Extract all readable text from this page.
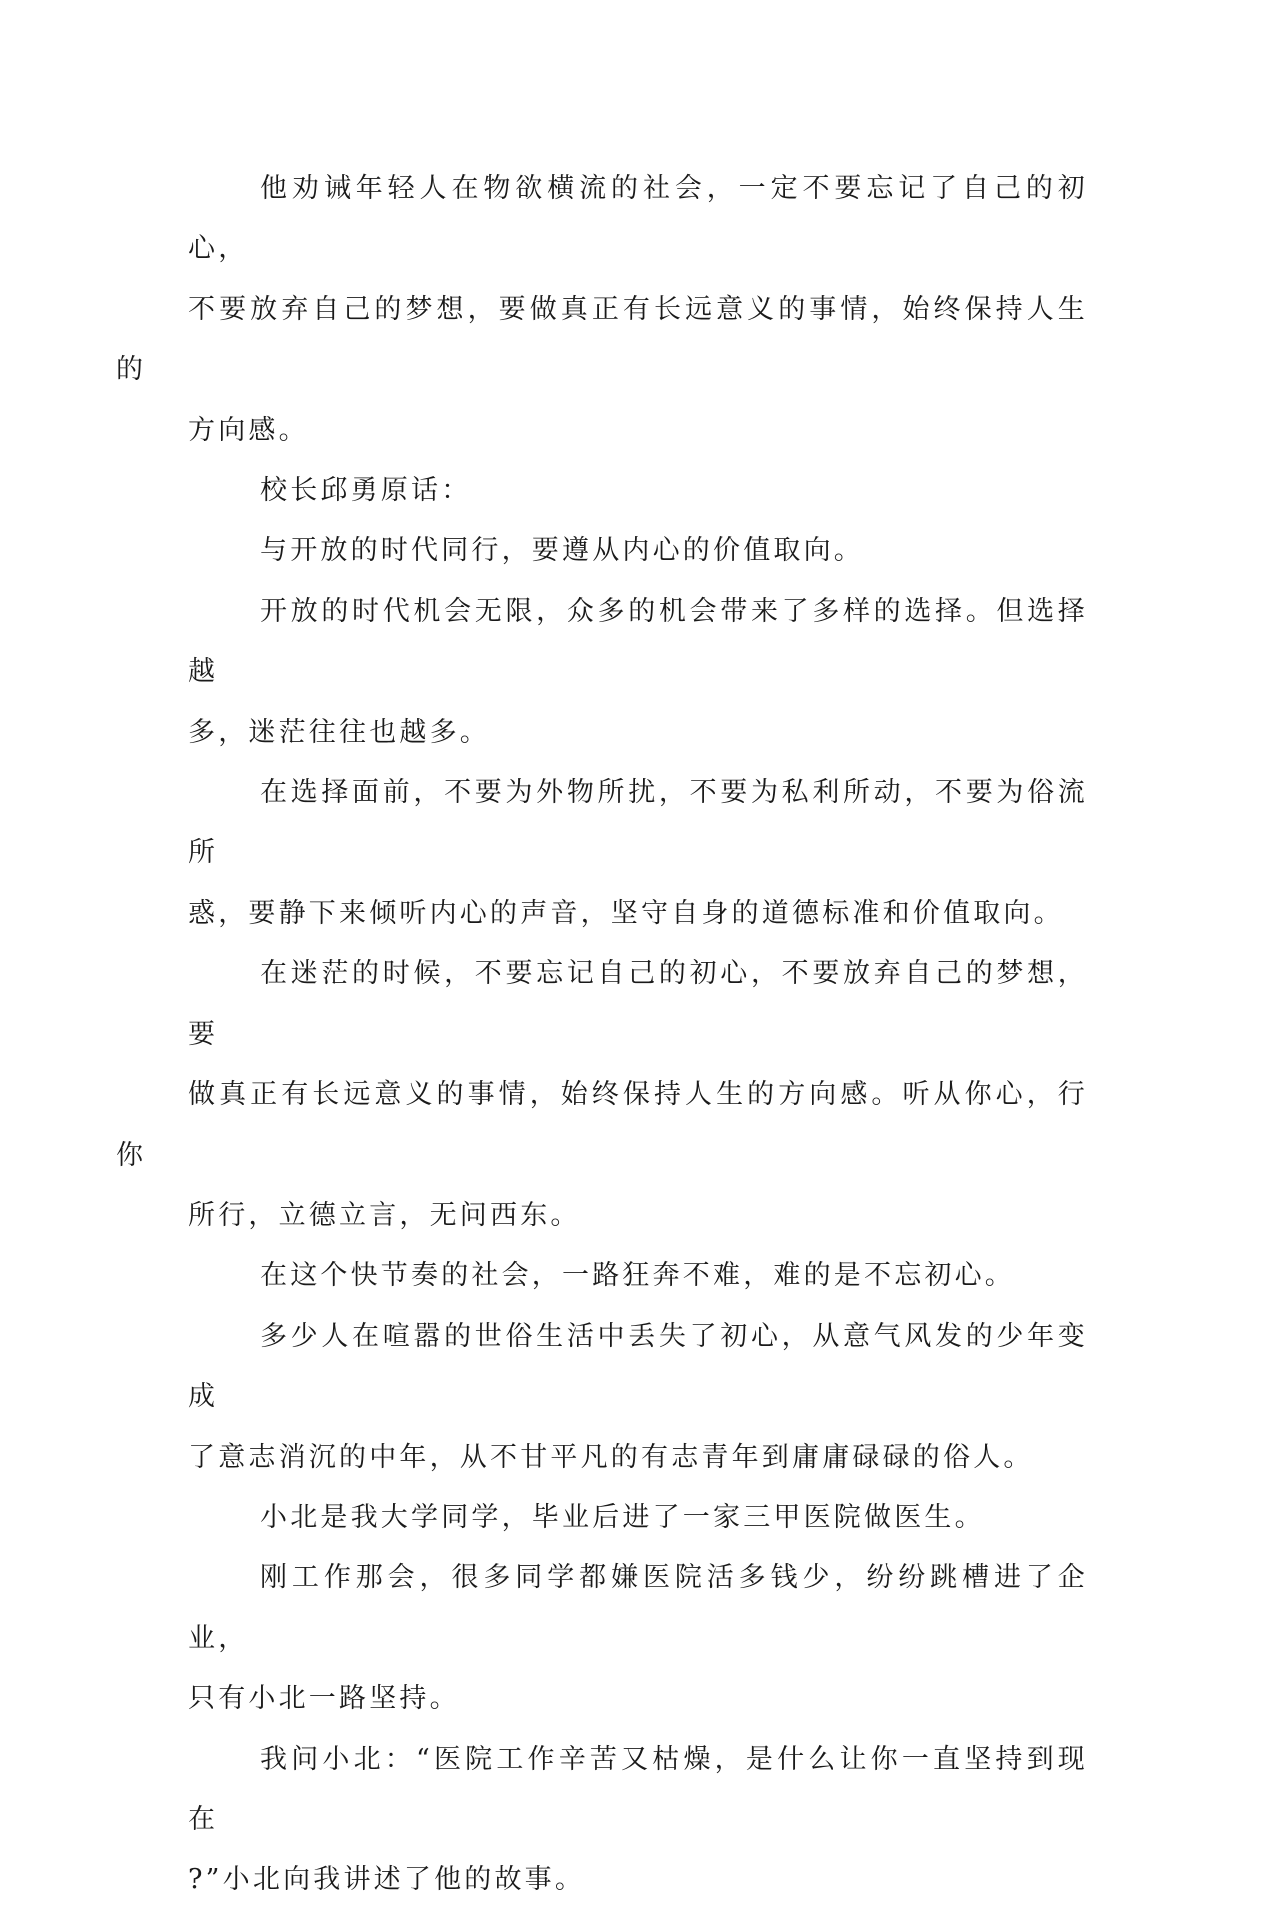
他劝诫年轻人在物欲横流的社会，一定不要忘记了自己的初心，
不要放弃自己的梦想，要做真正有长远意义的事情，始终保持人生的
方向感。

校长邱勇原话：

与开放的时代同行，要遵从内心的价值取向。

开放的时代机会无限，众多的机会带来了多样的选择。但选择越
多，迷茫往往也越多。

在选择面前，不要为外物所扰，不要为私利所动，不要为俗流所
惑，要静下来倾听内心的声音，坚守自身的道德标准和价值取向。

在迷茫的时候，不要忘记自己的初心，不要放弃自己的梦想，要
做真正有长远意义的事情，始终保持人生的方向感。听从你心，行你
所行，立德立言，无问西东。

在这个快节奏的社会，一路狂奔不难，难的是不忘初心。

多少人在喧嚣的世俗生活中丢失了初心，从意气风发的少年变成
了意志消沉的中年，从不甘平凡的有志青年到庸庸碌碌的俗人。

小北是我大学同学，毕业后进了一家三甲医院做医生。

刚工作那会，很多同学都嫌医院活多钱少，纷纷跳槽进了企业，
只有小北一路坚持。

我问小北：“医院工作辛苦又枯燥，是什么让你一直坚持到现在
?”小北向我讲述了他的故事。
